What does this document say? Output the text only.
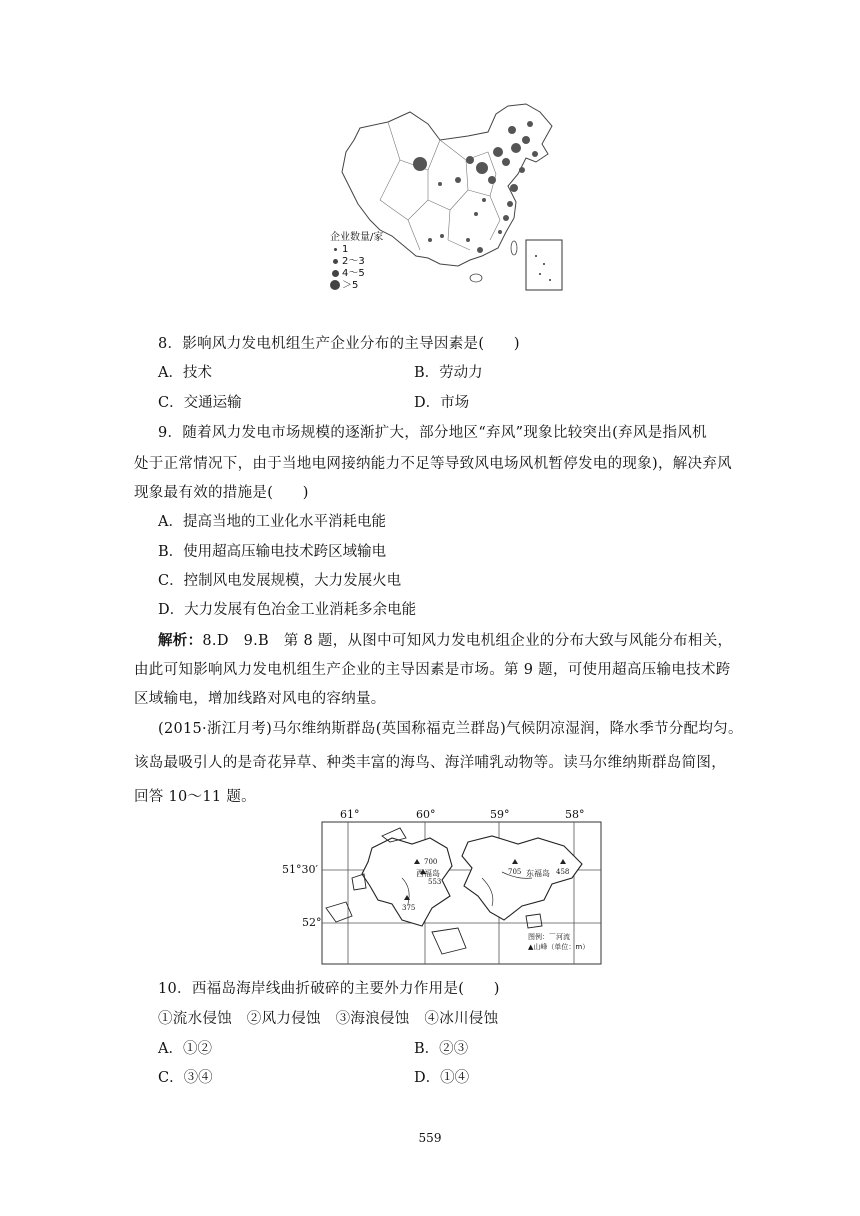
企业数量/家
1
2～3
4～5
＞5
8．影响风力发电机组生产企业分布的主导因素是(　　)
A．技术	B．劳动力
C．交通运输	D．市场
9．随着风力发电市场规模的逐渐扩大，部分地区“弃风”现象比较突出(弃风是指风机
处于正常情况下，由于当地电网接纳能力不足等导致风电场风机暂停发电的现象)，解决弃风
现象最有效的措施是(　　)
A．提高当地的工业化水平消耗电能
B．使用超高压输电技术跨区域输电
C．控制风电发展规模，大力发展火电
D．大力发展有色冶金工业消耗多余电能
解析：8.D　9.B　第 8 题，从图中可知风力发电机组企业的分布大致与风能分布相关，
由此可知影响风力发电机组生产企业的主导因素是市场。第 9 题，可使用超高压输电技术跨
区域输电，增加线路对风电的容纳量。
(2015·浙江月考)马尔维纳斯群岛(英国称福克兰群岛)气候阴凉湿润，降水季节分配均匀。
该岛最吸引人的是奇花异草、种类丰富的海鸟、海洋哺乳动物等。读马尔维纳斯群岛简图，
回答 10～11 题。
61°	60°	59°	58°
51°30′
52°
西福岛	东福岛
700
553
375
705	458
图例：⌒河流
▲山峰（单位：m）
10．西福岛海岸线曲折破碎的主要外力作用是(　　)
①流水侵蚀　②风力侵蚀　③海浪侵蚀　④冰川侵蚀
A．①②	B．②③
C．③④	D．①④
559
